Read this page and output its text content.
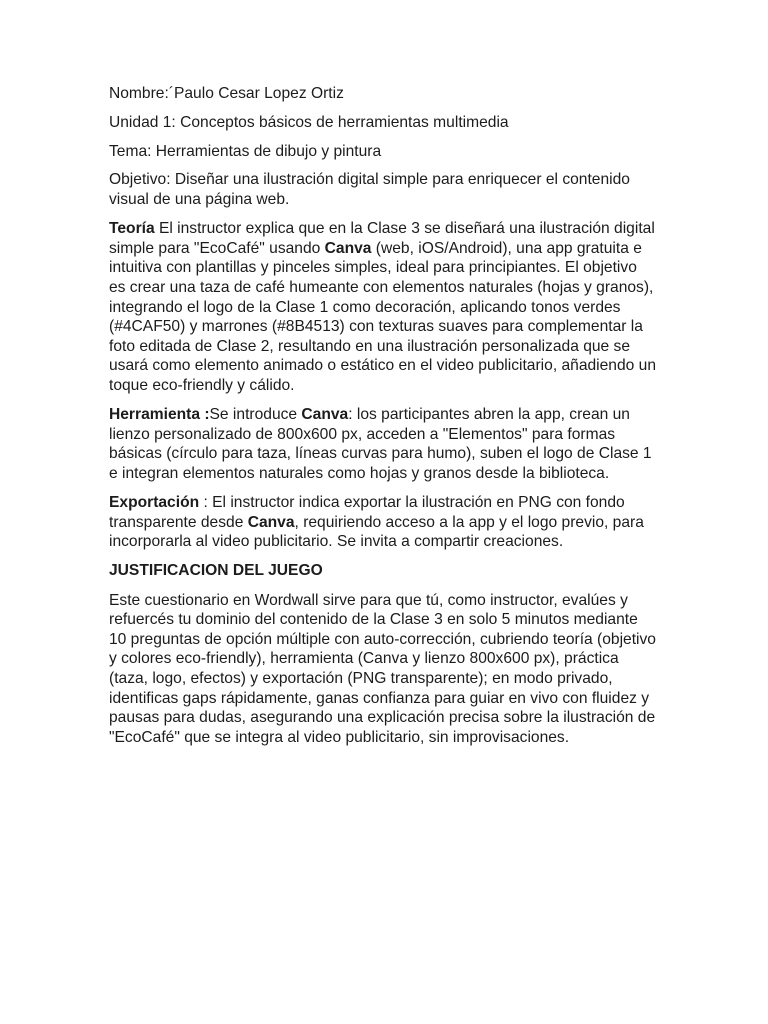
Nombre:´Paulo Cesar Lopez Ortiz

Unidad 1: Conceptos básicos de herramientas multimedia

Tema: Herramientas de dibujo y pintura

Objetivo: Diseñar una ilustración digital simple para enriquecer el contenido visual de una página web.

Teoría El instructor explica que en la Clase 3 se diseñará una ilustración digital simple para "EcoCafé" usando Canva (web, iOS/Android), una app gratuita e intuitiva con plantillas y pinceles simples, ideal para principiantes. El objetivo es crear una taza de café humeante con elementos naturales (hojas y granos), integrando el logo de la Clase 1 como decoración, aplicando tonos verdes (#4CAF50) y marrones (#8B4513) con texturas suaves para complementar la foto editada de Clase 2, resultando en una ilustración personalizada que se usará como elemento animado o estático en el video publicitario, añadiendo un toque eco-friendly y cálido.

Herramienta :Se introduce Canva: los participantes abren la app, crean un lienzo personalizado de 800x600 px, acceden a "Elementos" para formas básicas (círculo para taza, líneas curvas para humo), suben el logo de Clase 1 e integran elementos naturales como hojas y granos desde la biblioteca.

Exportación : El instructor indica exportar la ilustración en PNG con fondo transparente desde Canva, requiriendo acceso a la app y el logo previo, para incorporarla al video publicitario. Se invita a compartir creaciones.

JUSTIFICACION DEL JUEGO

Este cuestionario en Wordwall sirve para que tú, como instructor, evalúes y refuercés tu dominio del contenido de la Clase 3 en solo 5 minutos mediante 10 preguntas de opción múltiple con auto-corrección, cubriendo teoría (objetivo y colores eco-friendly), herramienta (Canva y lienzo 800x600 px), práctica (taza, logo, efectos) y exportación (PNG transparente); en modo privado, identificas gaps rápidamente, ganas confianza para guiar en vivo con fluidez y pausas para dudas, asegurando una explicación precisa sobre la ilustración de "EcoCafé" que se integra al video publicitario, sin improvisaciones.
